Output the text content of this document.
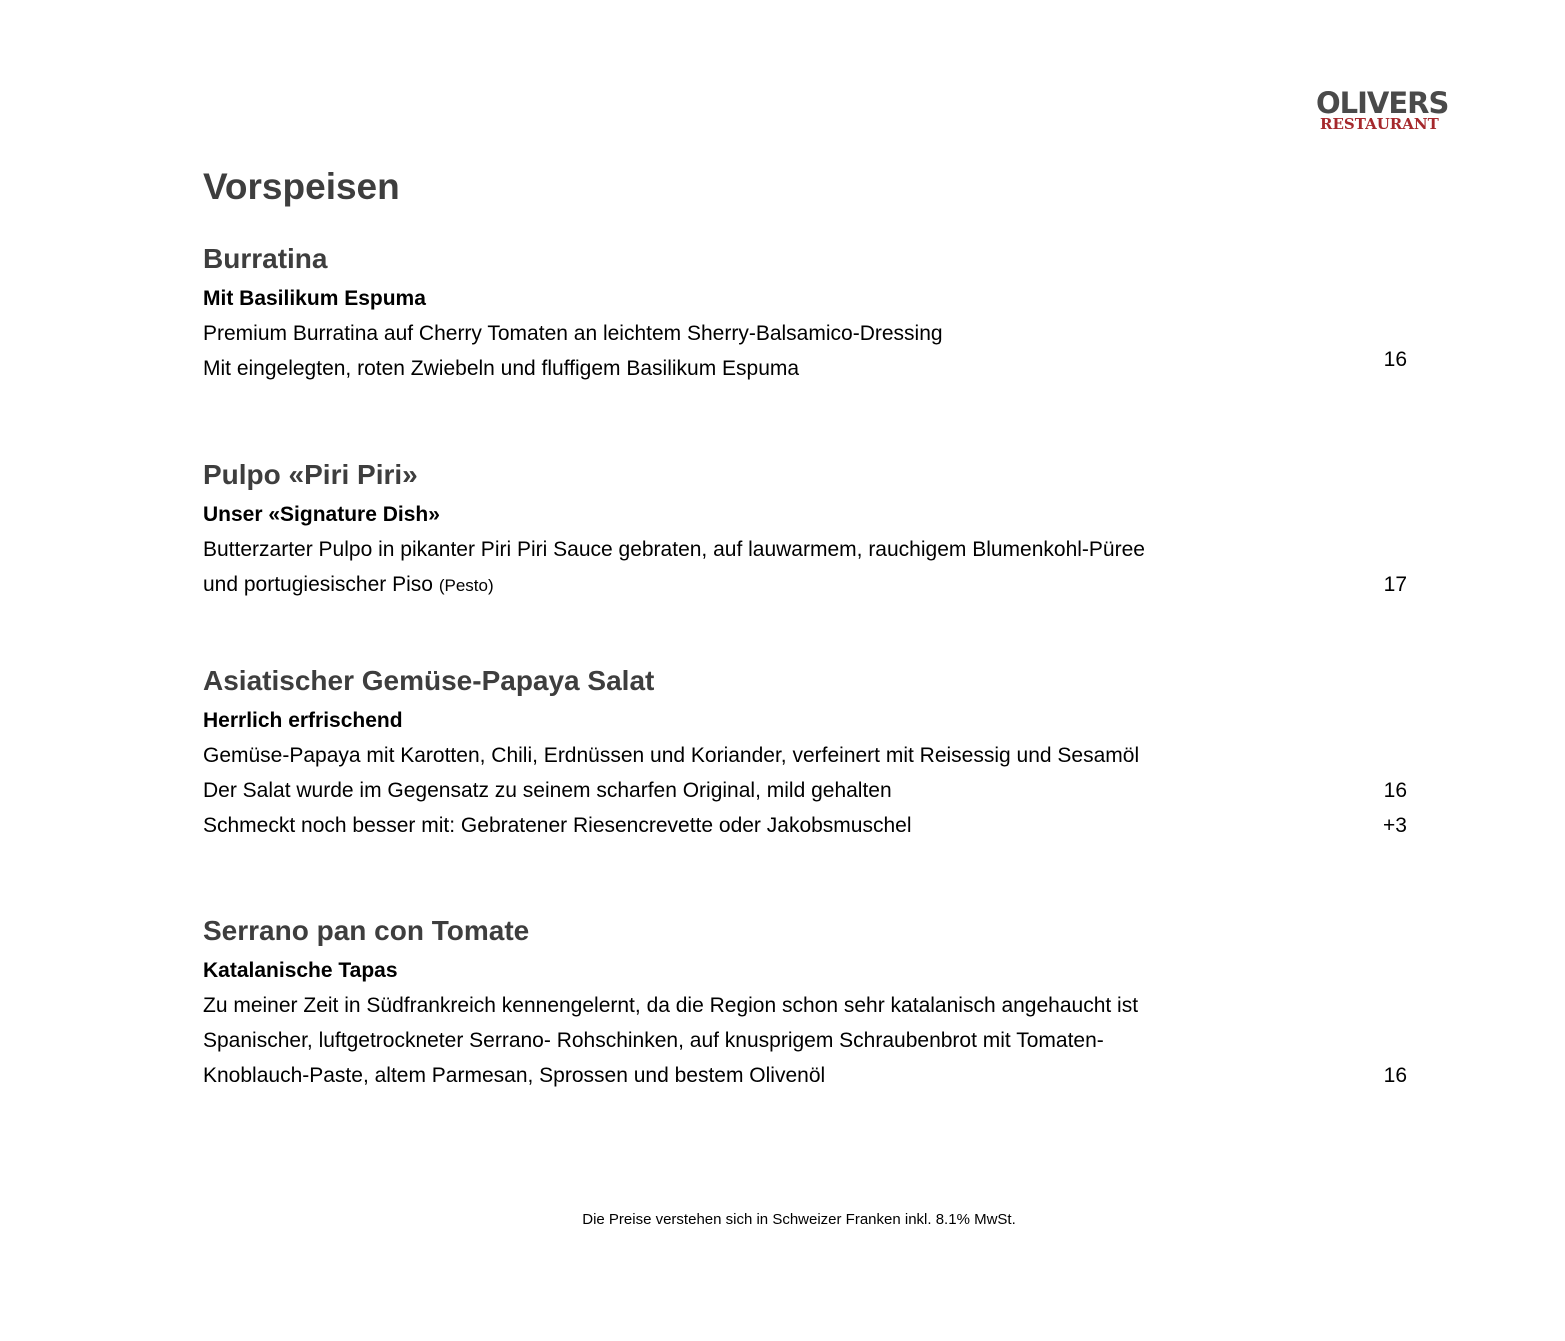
OLIVERS
RESTAURANT
Vorspeisen
Burratina
Mit Basilikum Espuma
Premium Burratina auf Cherry Tomaten an leichtem Sherry-Balsamico-Dressing
Mit eingelegten, roten Zwiebeln und fluffigem Basilikum Espuma	16
Pulpo «Piri Piri»
Unser «Signature Dish»
Butterzarter Pulpo in pikanter Piri Piri Sauce gebraten, auf lauwarmem, rauchigem Blumenkohl-Püree
und portugiesischer Piso (Pesto)	17
Asiatischer Gemüse-Papaya Salat
Herrlich erfrischend
Gemüse-Papaya mit Karotten, Chili, Erdnüssen und Koriander, verfeinert mit Reisessig und Sesamöl
Der Salat wurde im Gegensatz zu seinem scharfen Original, mild gehalten	16
Schmeckt noch besser mit: Gebratener Riesencrevette oder Jakobsmuschel	+3
Serrano pan con Tomate
Katalanische Tapas
Zu meiner Zeit in Südfrankreich kennengelernt, da die Region schon sehr katalanisch angehaucht ist
Spanischer, luftgetrockneter Serrano- Rohschinken, auf knusprigem Schraubenbrot mit Tomaten-
Knoblauch-Paste, altem Parmesan, Sprossen und bestem Olivenöl	16
Die Preise verstehen sich in Schweizer Franken inkl. 8.1% MwSt.
